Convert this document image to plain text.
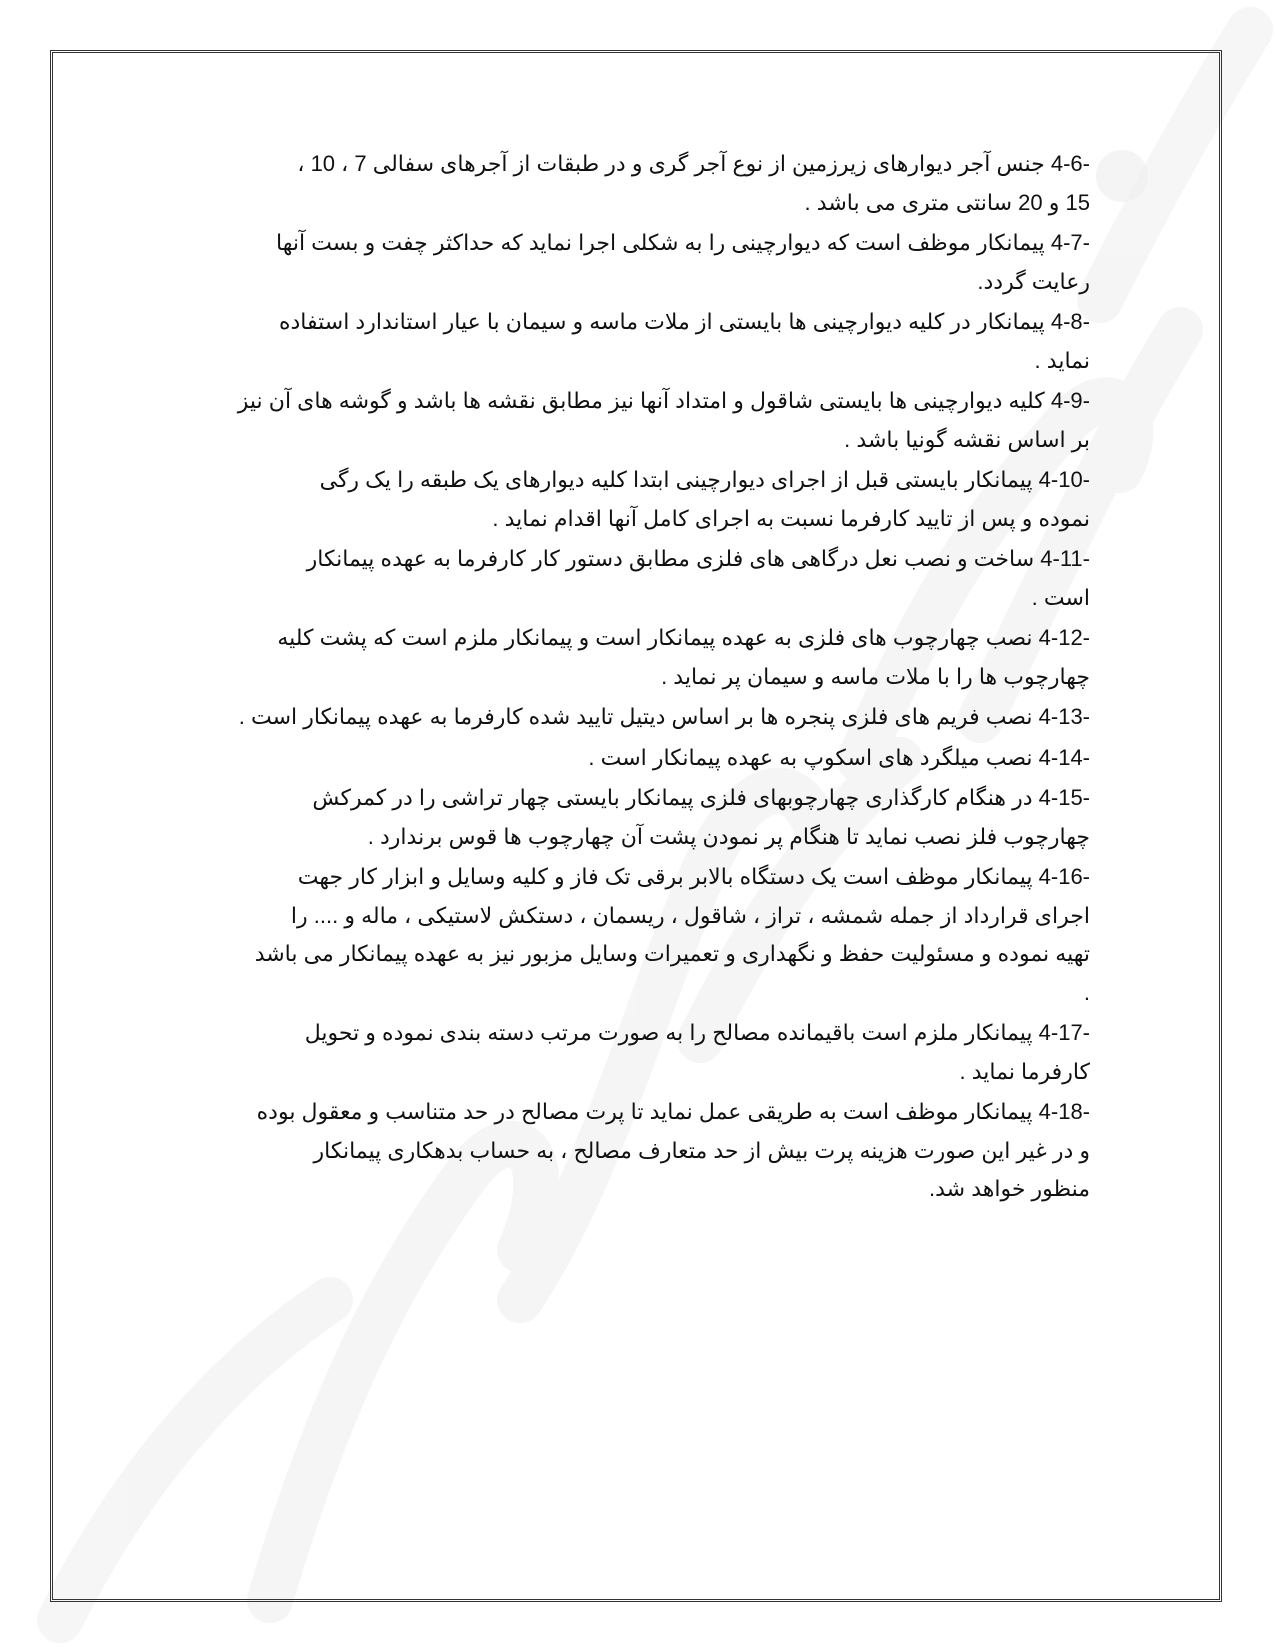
4-6- جنس آجر دیوارهای زیرزمین از نوع آجر گری و در طبقات از آجرهای سفالی 7 ، 10 ،
15 و 20 سانتی متری می باشد .
4-7- پیمانکار موظف است که دیوارچینی را به شکلی اجرا نماید که حداکثر چفت و بست آنها
رعایت گردد.
4-8- پیمانکار در کلیه دیوارچینی ها بایستی از ملات ماسه و سیمان با عیار استاندارد استفاده
نماید .
4-9- کلیه دیوارچینی ها بایستی شاقول و امتداد آنها نیز مطابق نقشه ها باشد و گوشه های آن نیز
بر اساس نقشه گونیا باشد .
4-10- پیمانکار بایستی قبل از اجرای دیوارچینی ابتدا کلیه دیوارهای یک طبقه را یک رگی
نموده و پس از تایید کارفرما نسبت به اجرای کامل آنها اقدام نماید .
4-11- ساخت و نصب نعل درگاهی های فلزی مطابق دستور کار کارفرما به عهده پیمانکار
است .
4-12- نصب چهارچوب های فلزی به عهده پیمانکار است و پیمانکار ملزم است که پشت کلیه
چهارچوب ها را با ملات ماسه و سیمان پر نماید .
4-13- نصب فریم های فلزی پنجره ها بر اساس دیتیل تایید شده کارفرما به عهده پیمانکار است .
4-14- نصب میلگرد های اسکوپ به عهده پیمانکار است .
4-15- در هنگام کارگذاری چهارچوبهای فلزی پیمانکار بایستی چهار تراشی را در کمرکش
چهارچوب فلز نصب نماید تا هنگام پر نمودن پشت آن چهارچوب ها قوس برندارد .
4-16- پیمانکار موظف است یک دستگاه بالابر برقی تک فاز و کلیه وسایل و ابزار کار جهت
اجرای قرارداد از جمله شمشه ، تراز ، شاقول ، ریسمان ، دستکش لاستیکی ، ماله و .... را
تهیه نموده و مسئولیت حفظ و نگهداری و تعمیرات وسایل مزبور نیز به عهده پیمانکار می باشد
.
4-17- پیمانکار ملزم است باقیمانده مصالح را به صورت مرتب دسته بندی نموده و تحویل
کارفرما نماید .
4-18- پیمانکار موظف است به طریقی عمل نماید تا پرت مصالح در حد متناسب و معقول بوده
و در غیر این صورت هزینه پرت بیش از حد متعارف مصالح ، به حساب بدهکاری پیمانکار
منظور خواهد شد.
